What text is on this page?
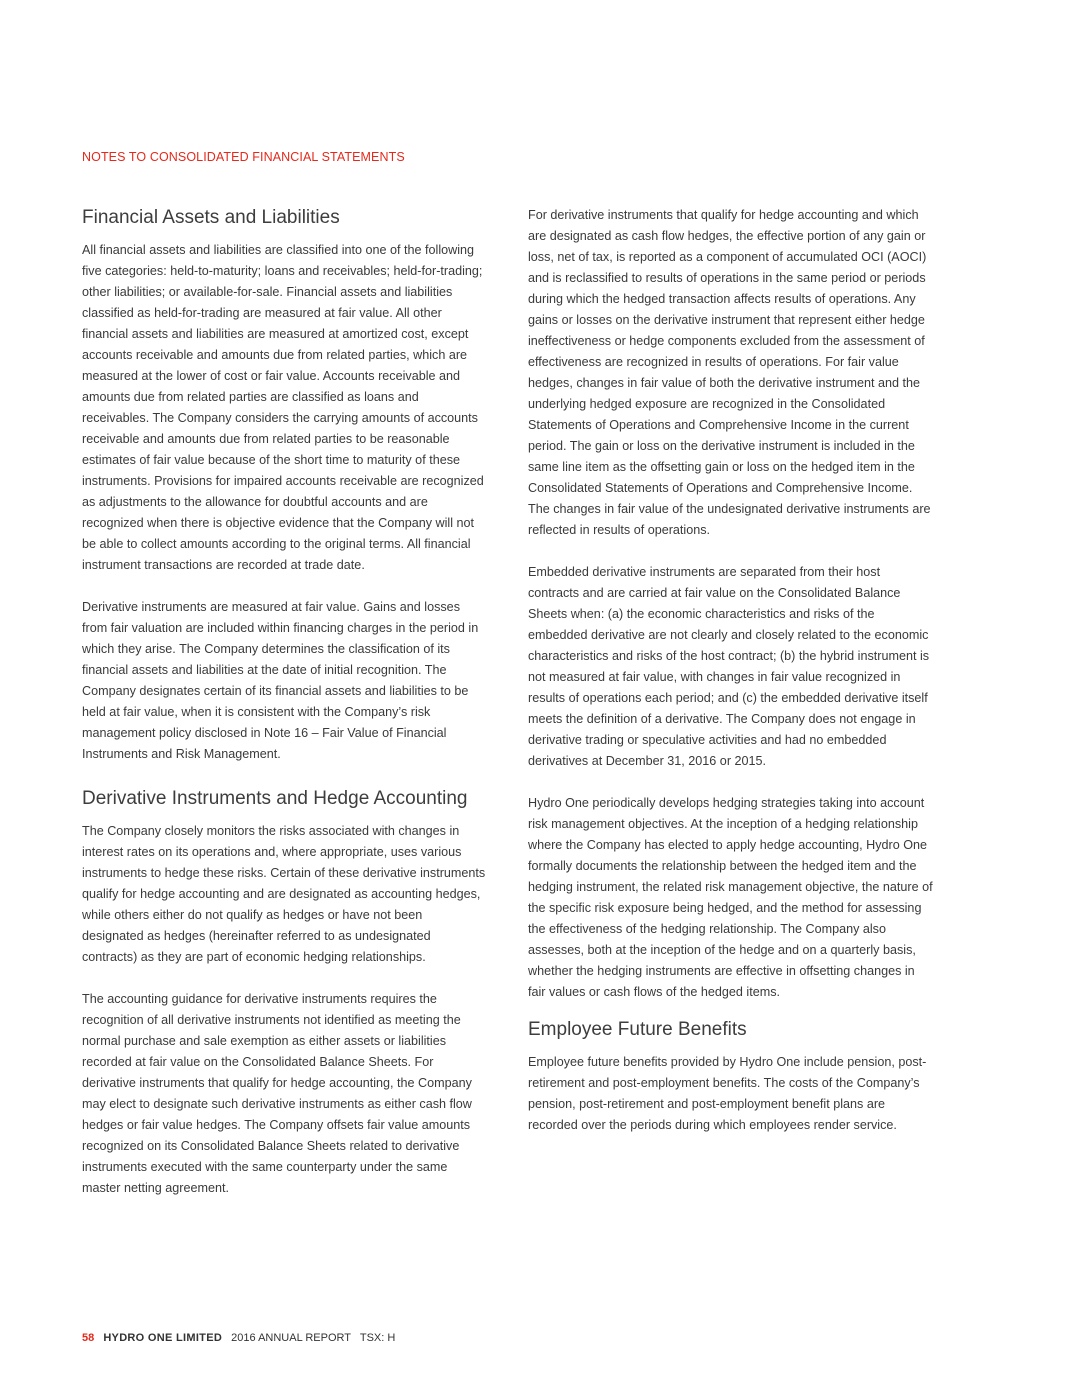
NOTES TO CONSOLIDATED FINANCIAL STATEMENTS
Financial Assets and Liabilities

All financial assets and liabilities are classified into one of the following five categories: held-to-maturity; loans and receivables; held-for-trading; other liabilities; or available-for-sale. Financial assets and liabilities classified as held-for-trading are measured at fair value. All other financial assets and liabilities are measured at amortized cost, except accounts receivable and amounts due from related parties, which are measured at the lower of cost or fair value. Accounts receivable and amounts due from related parties are classified as loans and receivables. The Company considers the carrying amounts of accounts receivable and amounts due from related parties to be reasonable estimates of fair value because of the short time to maturity of these instruments. Provisions for impaired accounts receivable are recognized as adjustments to the allowance for doubtful accounts and are recognized when there is objective evidence that the Company will not be able to collect amounts according to the original terms. All financial instrument transactions are recorded at trade date.

Derivative instruments are measured at fair value. Gains and losses from fair valuation are included within financing charges in the period in which they arise. The Company determines the classification of its financial assets and liabilities at the date of initial recognition. The Company designates certain of its financial assets and liabilities to be held at fair value, when it is consistent with the Company’s risk management policy disclosed in Note 16 – Fair Value of Financial Instruments and Risk Management.

Derivative Instruments and Hedge Accounting

The Company closely monitors the risks associated with changes in interest rates on its operations and, where appropriate, uses various instruments to hedge these risks. Certain of these derivative instruments qualify for hedge accounting and are designated as accounting hedges, while others either do not qualify as hedges or have not been designated as hedges (hereinafter referred to as undesignated contracts) as they are part of economic hedging relationships.

The accounting guidance for derivative instruments requires the recognition of all derivative instruments not identified as meeting the normal purchase and sale exemption as either assets or liabilities recorded at fair value on the Consolidated Balance Sheets. For derivative instruments that qualify for hedge accounting, the Company may elect to designate such derivative instruments as either cash flow hedges or fair value hedges. The Company offsets fair value amounts recognized on its Consolidated Balance Sheets related to derivative instruments executed with the same counterparty under the same master netting agreement.

For derivative instruments that qualify for hedge accounting and which are designated as cash flow hedges, the effective portion of any gain or loss, net of tax, is reported as a component of accumulated OCI (AOCI) and is reclassified to results of operations in the same period or periods during which the hedged transaction affects results of operations. Any gains or losses on the derivative instrument that represent either hedge ineffectiveness or hedge components excluded from the assessment of effectiveness are recognized in results of operations. For fair value hedges, changes in fair value of both the derivative instrument and the underlying hedged exposure are recognized in the Consolidated Statements of Operations and Comprehensive Income in the current period. The gain or loss on the derivative instrument is included in the same line item as the offsetting gain or loss on the hedged item in the Consolidated Statements of Operations and Comprehensive Income. The changes in fair value of the undesignated derivative instruments are reflected in results of operations.

Embedded derivative instruments are separated from their host contracts and are carried at fair value on the Consolidated Balance Sheets when: (a) the economic characteristics and risks of the embedded derivative are not clearly and closely related to the economic characteristics and risks of the host contract; (b) the hybrid instrument is not measured at fair value, with changes in fair value recognized in results of operations each period; and (c) the embedded derivative itself meets the definition of a derivative. The Company does not engage in derivative trading or speculative activities and had no embedded derivatives at December 31, 2016 or 2015.

Hydro One periodically develops hedging strategies taking into account risk management objectives. At the inception of a hedging relationship where the Company has elected to apply hedge accounting, Hydro One formally documents the relationship between the hedged item and the hedging instrument, the related risk management objective, the nature of the specific risk exposure being hedged, and the method for assessing the effectiveness of the hedging relationship. The Company also assesses, both at the inception of the hedge and on a quarterly basis, whether the hedging instruments are effective in offsetting changes in fair values or cash flows of the hedged items.

Employee Future Benefits

Employee future benefits provided by Hydro One include pension, post-retirement and post-employment benefits. The costs of the Company’s pension, post-retirement and post-employment benefit plans are recorded over the periods during which employees render service.

58 HYDRO ONE LIMITED 2016 ANNUAL REPORT TSX: H
